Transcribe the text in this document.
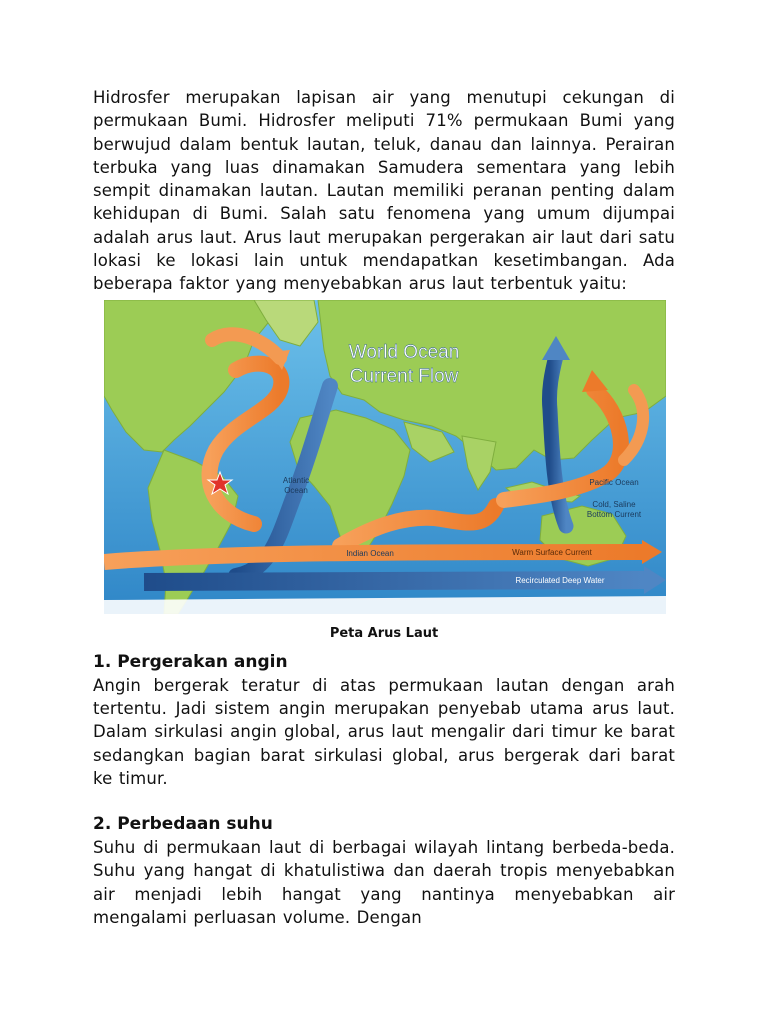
Hidrosfer merupakan lapisan air yang menutupi cekungan di permukaan Bumi. Hidrosfer meliputi 71% permukaan Bumi yang berwujud dalam bentuk lautan, teluk, danau dan lainnya. Perairan terbuka yang luas dinamakan Samudera sementara yang lebih sempit dinamakan lautan. Lautan memiliki peranan penting dalam kehidupan di Bumi. Salah satu fenomena yang umum dijumpai adalah arus laut. Arus laut merupakan pergerakan air laut dari satu lokasi ke lokasi lain untuk mendapatkan kesetimbangan. Ada beberapa faktor yang menyebabkan arus laut terbentuk yaitu:

World Ocean
Current Flow
Atlantic
Ocean
Pacific Ocean
Cold, Saline
Bottom Current
Indian Ocean	Warm Surface Current
Recirculated Deep Water
Peta Arus Laut
1. Pergerakan angin

Angin bergerak teratur di atas permukaan lautan dengan arah tertentu. Jadi sistem angin merupakan penyebab utama arus laut. Dalam sirkulasi angin global, arus laut mengalir dari timur ke barat sedangkan bagian barat sirkulasi global, arus bergerak dari barat ke timur.

2. Perbedaan suhu

Suhu di permukaan laut di berbagai wilayah lintang berbeda-beda. Suhu yang hangat di khatulistiwa dan daerah tropis menyebabkan air menjadi lebih hangat yang nantinya menyebabkan air mengalami perluasan volume. Dengan
